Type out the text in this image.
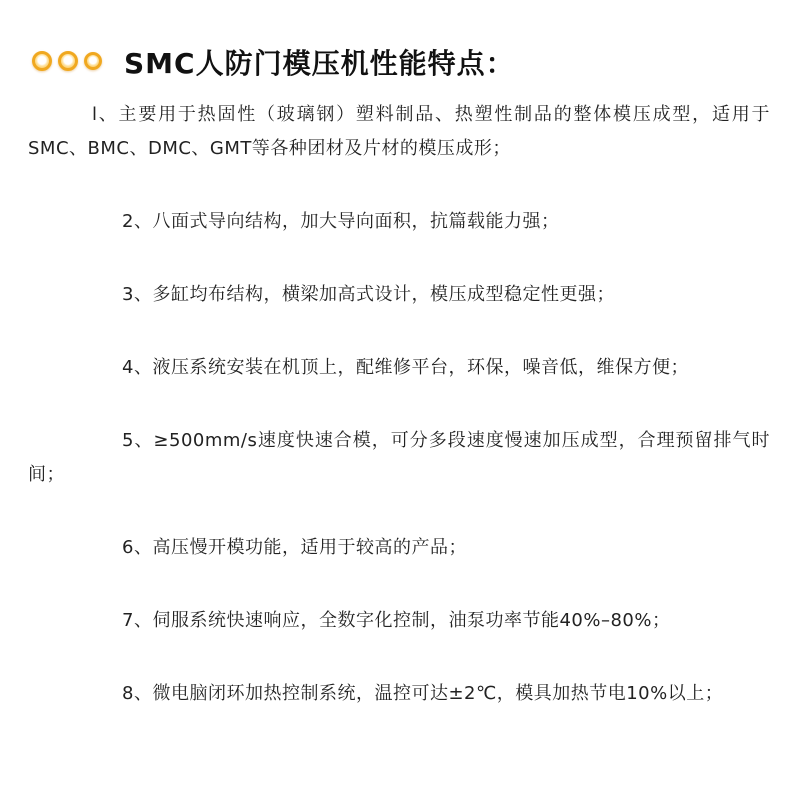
SMC人防门模压机性能特点：

l、主要用于热固性（玻璃钢）塑料制品、热塑性制品的整体模压成型，适用于SMC、BMC、DMC、GMT等各种团材及片材的模压成形；

2、八面式导向结构，加大导向面积，抗篇载能力强；

3、多缸均布结构，横梁加高式设计，模压成型稳定性更强；

4、液压系统安装在机顶上，配维修平台，环保，噪音低，维保方便；

5、≥500mm/s速度快速合模，可分多段速度慢速加压成型，合理预留排气时间；

6、高压慢开模功能，适用于较高的产品；

7、伺服系统快速响应，全数字化控制，油泵功率节能40%–80%；

8、微电脑闭环加热控制系统，温控可达±2℃，模具加热节电10%以上；
